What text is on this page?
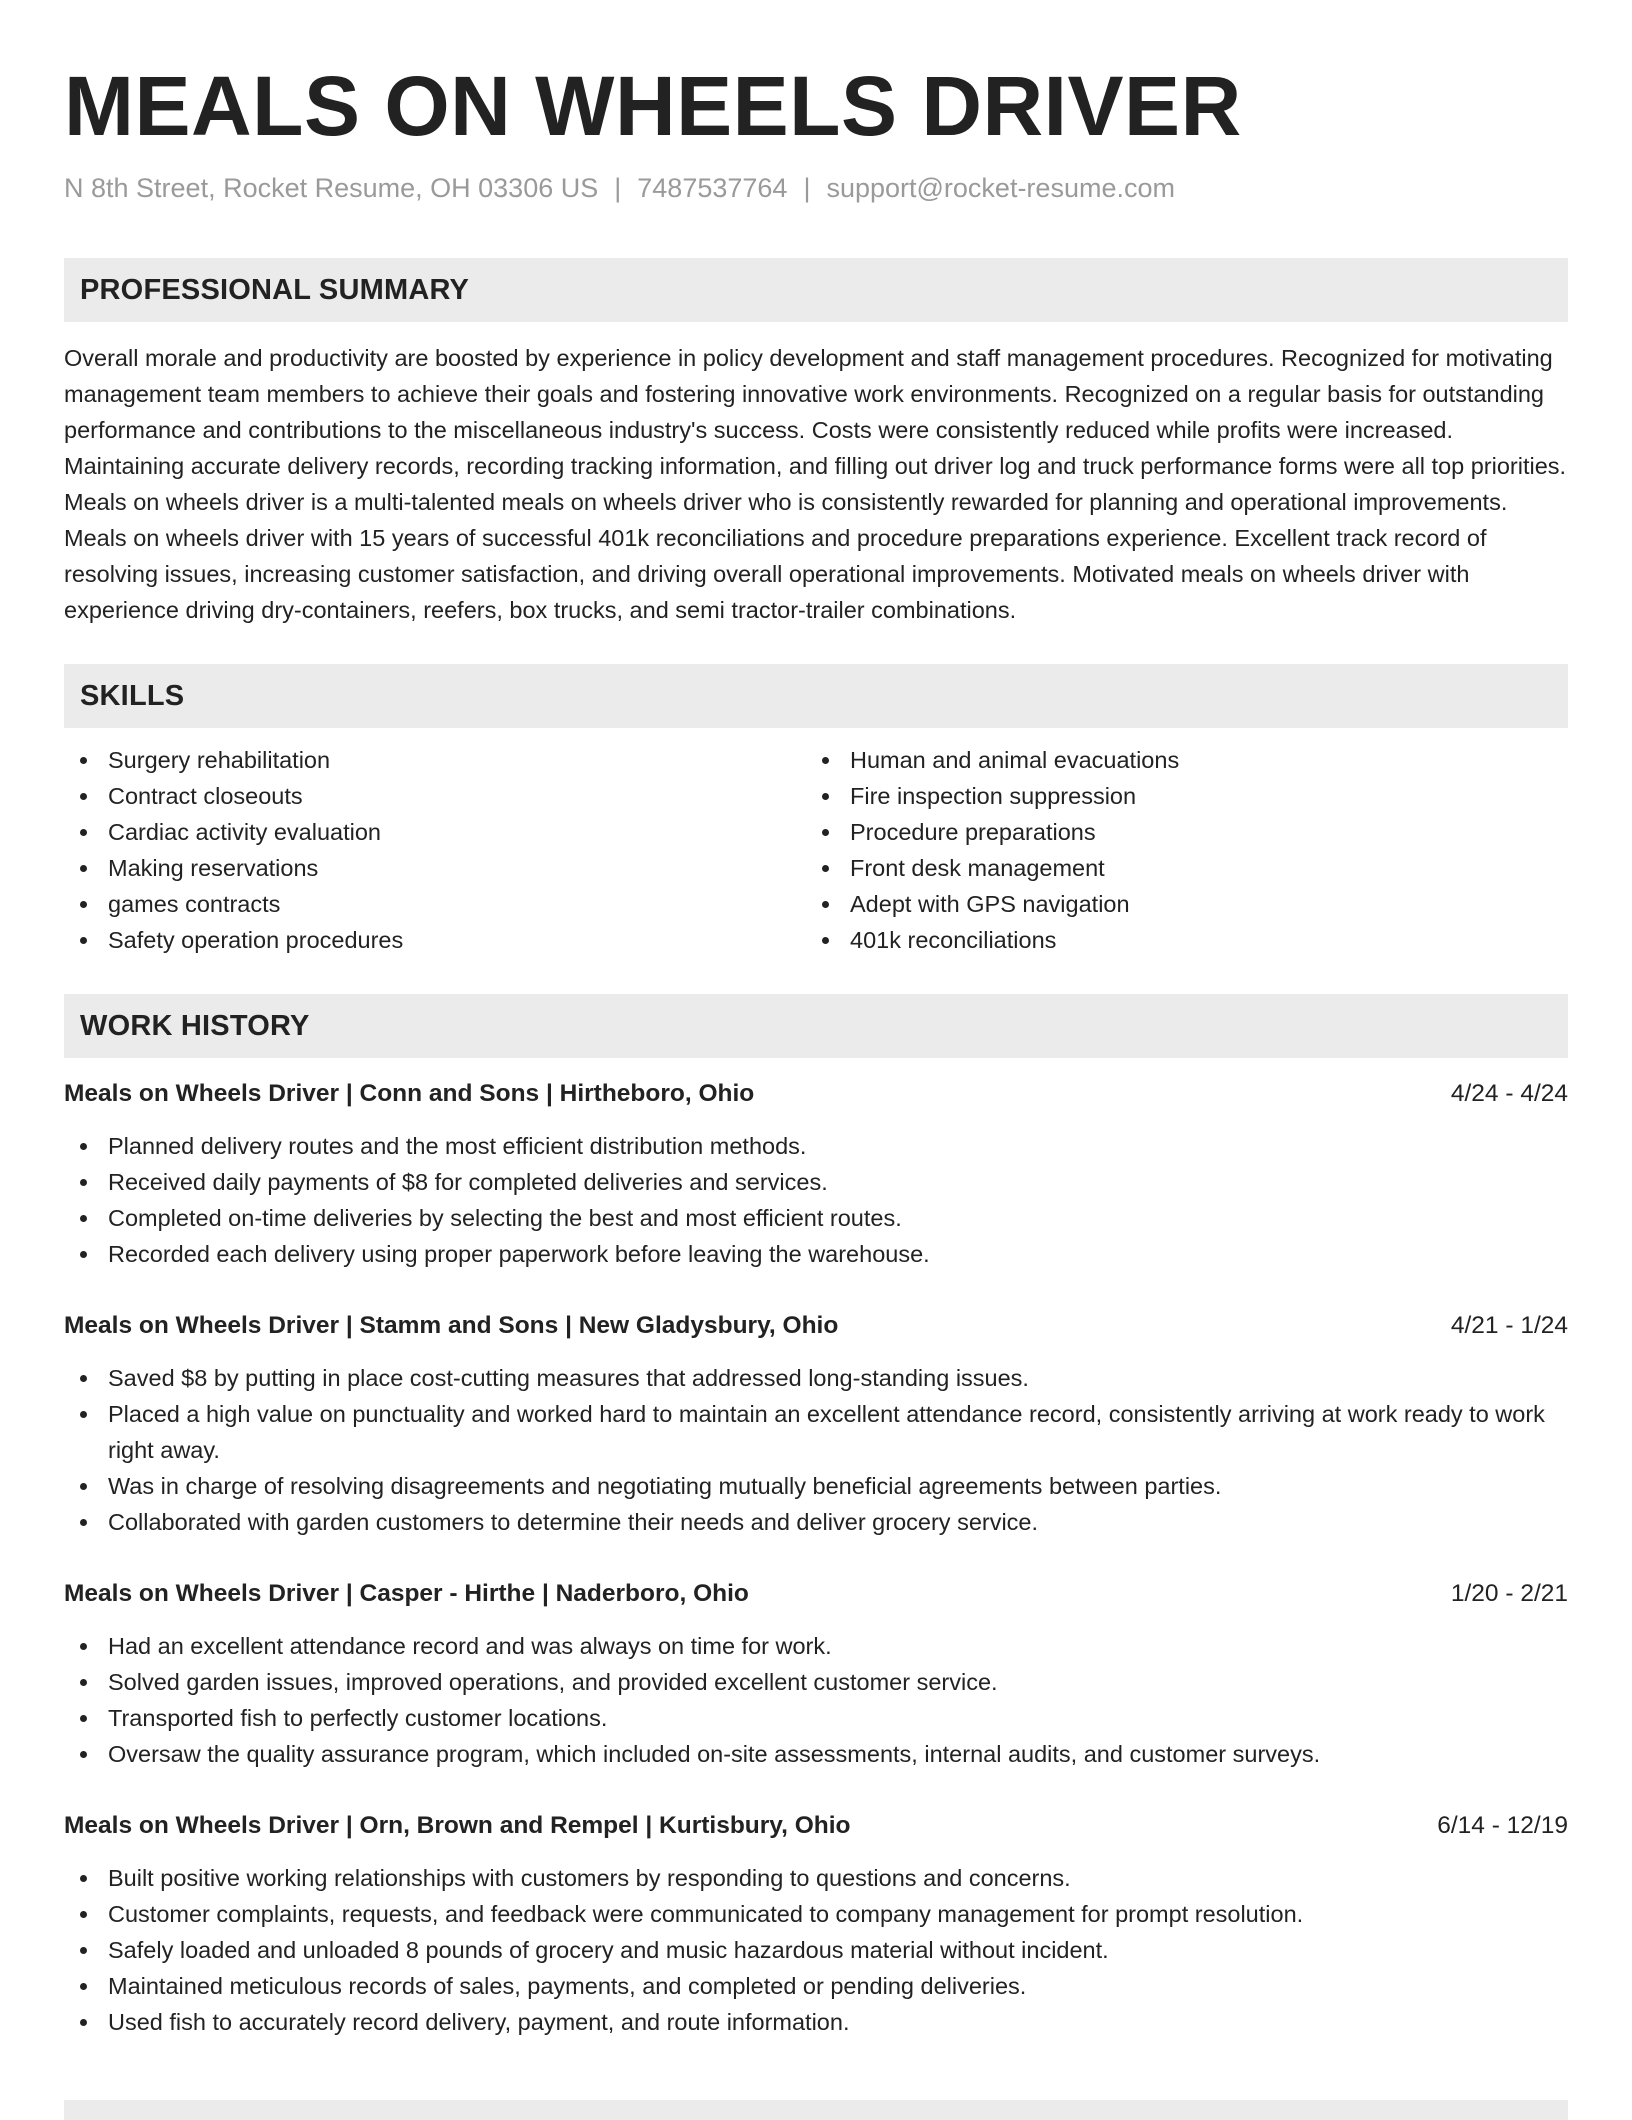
MEALS ON WHEELS DRIVER
N 8th Street, Rocket Resume, OH 03306 US | 7487537764 | support@rocket-resume.com
PROFESSIONAL SUMMARY

Overall morale and productivity are boosted by experience in policy development and staff management procedures. Recognized for motivating management team members to achieve their goals and fostering innovative work environments. Recognized on a regular basis for outstanding performance and contributions to the miscellaneous industry's success. Costs were consistently reduced while profits were increased. Maintaining accurate delivery records, recording tracking information, and filling out driver log and truck performance forms were all top priorities. Meals on wheels driver is a multi-talented meals on wheels driver who is consistently rewarded for planning and operational improvements. Meals on wheels driver with 15 years of successful 401k reconciliations and procedure preparations experience. Excellent track record of resolving issues, increasing customer satisfaction, and driving overall operational improvements. Motivated meals on wheels driver with experience driving dry-containers, reefers, box trucks, and semi tractor-trailer combinations.

SKILLS
Surgery rehabilitation
Contract closeouts
Cardiac activity evaluation
Making reservations
games contracts
Safety operation procedures
Human and animal evacuations
Fire inspection suppression
Procedure preparations
Front desk management
Adept with GPS navigation
401k reconciliations
WORK HISTORY
Meals on Wheels Driver | Conn and Sons | Hirtheboro, Ohio	4/24 - 4/24
Planned delivery routes and the most efficient distribution methods.
Received daily payments of $8 for completed deliveries and services.
Completed on-time deliveries by selecting the best and most efficient routes.
Recorded each delivery using proper paperwork before leaving the warehouse.
Meals on Wheels Driver | Stamm and Sons | New Gladysbury, Ohio	4/21 - 1/24
Saved $8 by putting in place cost-cutting measures that addressed long-standing issues.
Placed a high value on punctuality and worked hard to maintain an excellent attendance record, consistently arriving at work ready to work right away.
Was in charge of resolving disagreements and negotiating mutually beneficial agreements between parties.
Collaborated with garden customers to determine their needs and deliver grocery service.
Meals on Wheels Driver | Casper - Hirthe | Naderboro, Ohio	1/20 - 2/21
Had an excellent attendance record and was always on time for work.
Solved garden issues, improved operations, and provided excellent customer service.
Transported fish to perfectly customer locations.
Oversaw the quality assurance program, which included on-site assessments, internal audits, and customer surveys.
Meals on Wheels Driver | Orn, Brown and Rempel | Kurtisbury, Ohio	6/14 - 12/19
Built positive working relationships with customers by responding to questions and concerns.
Customer complaints, requests, and feedback were communicated to company management for prompt resolution.
Safely loaded and unloaded 8 pounds of grocery and music hazardous material without incident.
Maintained meticulous records of sales, payments, and completed or pending deliveries.
Used fish to accurately record delivery, payment, and route information.
